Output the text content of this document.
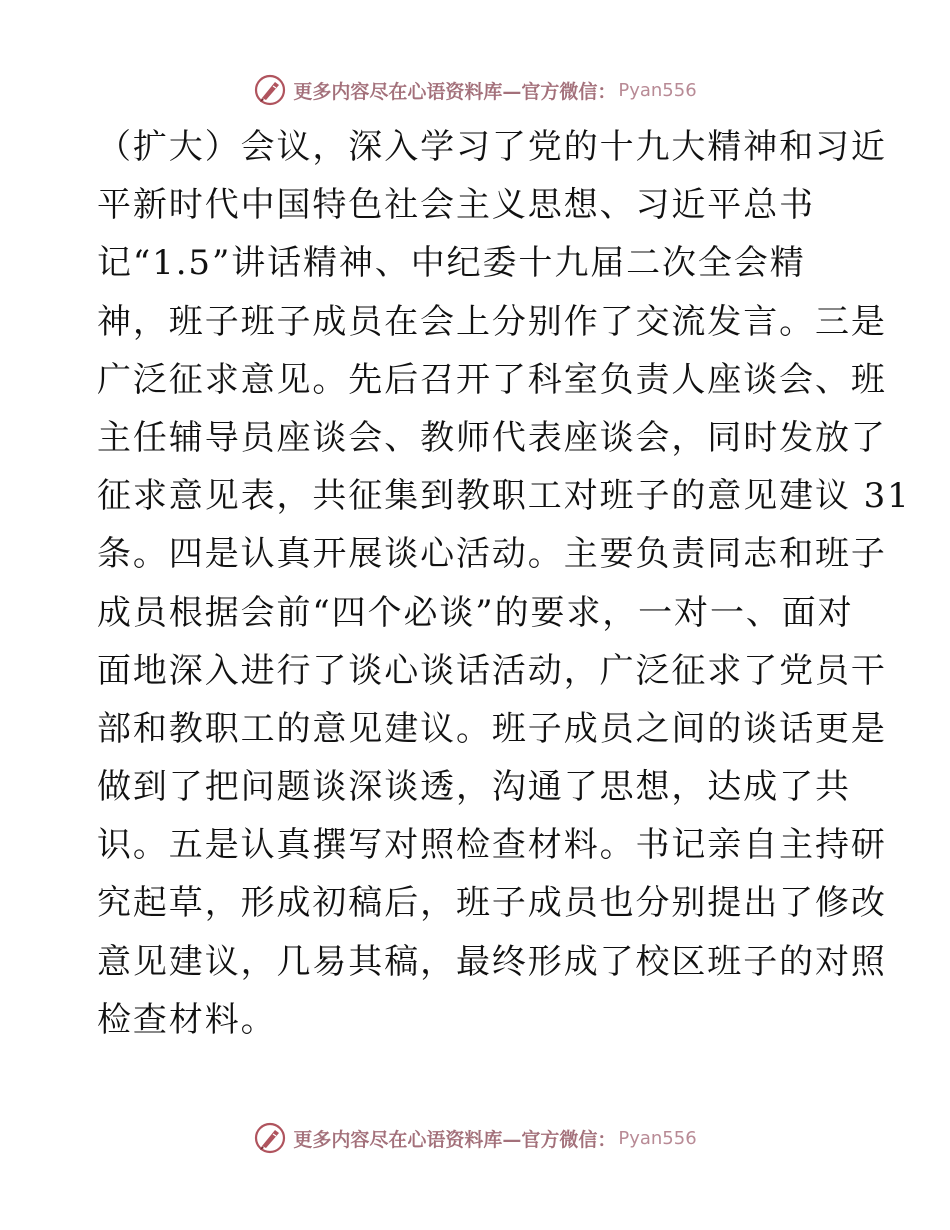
更多内容尽在心语资料库—官方微信： Pyan556
（扩大）会议，深入学习了党的十九大精神和习近
平新时代中国特色社会主义思想、习近平总书
记“1.5”讲话精神、中纪委十九届二次全会精
神，班子班子成员在会上分别作了交流发言。三是
广泛征求意见。先后召开了科室负责人座谈会、班
主任辅导员座谈会、教师代表座谈会，同时发放了
征求意见表，共征集到教职工对班子的意见建议 31
条。四是认真开展谈心活动。主要负责同志和班子
成员根据会前“四个必谈”的要求，一对一、面对
面地深入进行了谈心谈话活动，广泛征求了党员干
部和教职工的意见建议。班子成员之间的谈话更是
做到了把问题谈深谈透，沟通了思想，达成了共
识。五是认真撰写对照检查材料。书记亲自主持研
究起草，形成初稿后，班子成员也分别提出了修改
意见建议，几易其稿，最终形成了校区班子的对照
检查材料。
更多内容尽在心语资料库—官方微信： Pyan556
